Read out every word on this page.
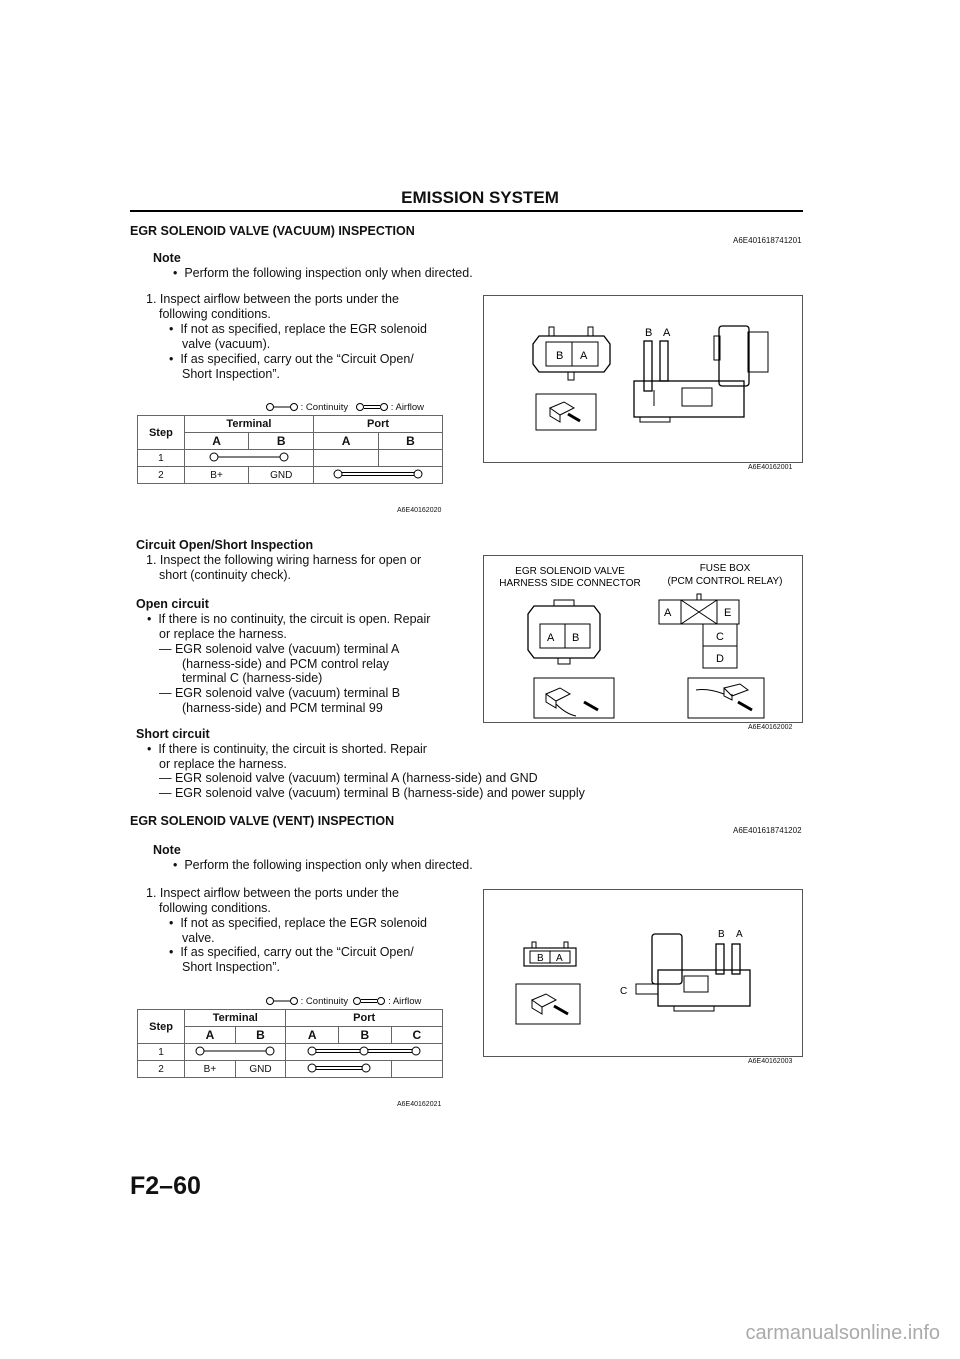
EMISSION SYSTEM
EGR SOLENOID VALVE (VACUUM) INSPECTION
A6E401618741201
Note
•  Perform the following inspection only when directed.
1. Inspect airflow between the ports under the
following conditions.
•  If not as specified, replace the EGR solenoid
valve (vacuum).
•  If as specified, carry out the “Circuit Open/
Short Inspection”.
: Continuity	: Airflow
Step	Terminal		Port	
	A	B	A	B
1			
2	B+	GND	
A6E40162020
B A
B A
A6E40162001
Circuit Open/Short Inspection
1. Inspect the following wiring harness for open or
short (continuity check).
Open circuit
•  If there is no continuity, the circuit is open. Repair
or replace the harness.
— EGR solenoid valve (vacuum) terminal A
(harness-side) and PCM control relay
terminal C (harness-side)
— EGR solenoid valve (vacuum) terminal B
(harness-side) and PCM terminal 99
Short circuit
•  If there is continuity, the circuit is shorted. Repair
or replace the harness.
— EGR solenoid valve (vacuum) terminal A (harness-side) and GND
— EGR solenoid valve (vacuum) terminal B (harness-side) and power supply
EGR SOLENOID VALVE
HARNESS SIDE CONNECTOR
FUSE BOX
(PCM CONTROL RELAY)
A B
A	E
C
D
A6E40162002
EGR SOLENOID VALVE (VENT) INSPECTION
A6E401618741202
Note
•  Perform the following inspection only when directed.
1. Inspect airflow between the ports under the
following conditions.
•  If not as specified, replace the EGR solenoid
valve.
•  If as specified, carry out the “Circuit Open/
Short Inspection”.
: Continuity	: Airflow
Step	Terminal		Port		
	A	B	A	B	C
1		
2	B+	GND		
A6E40162021
B A
B A
C
A6E40162003
F2–60
carmanualsonline.info
